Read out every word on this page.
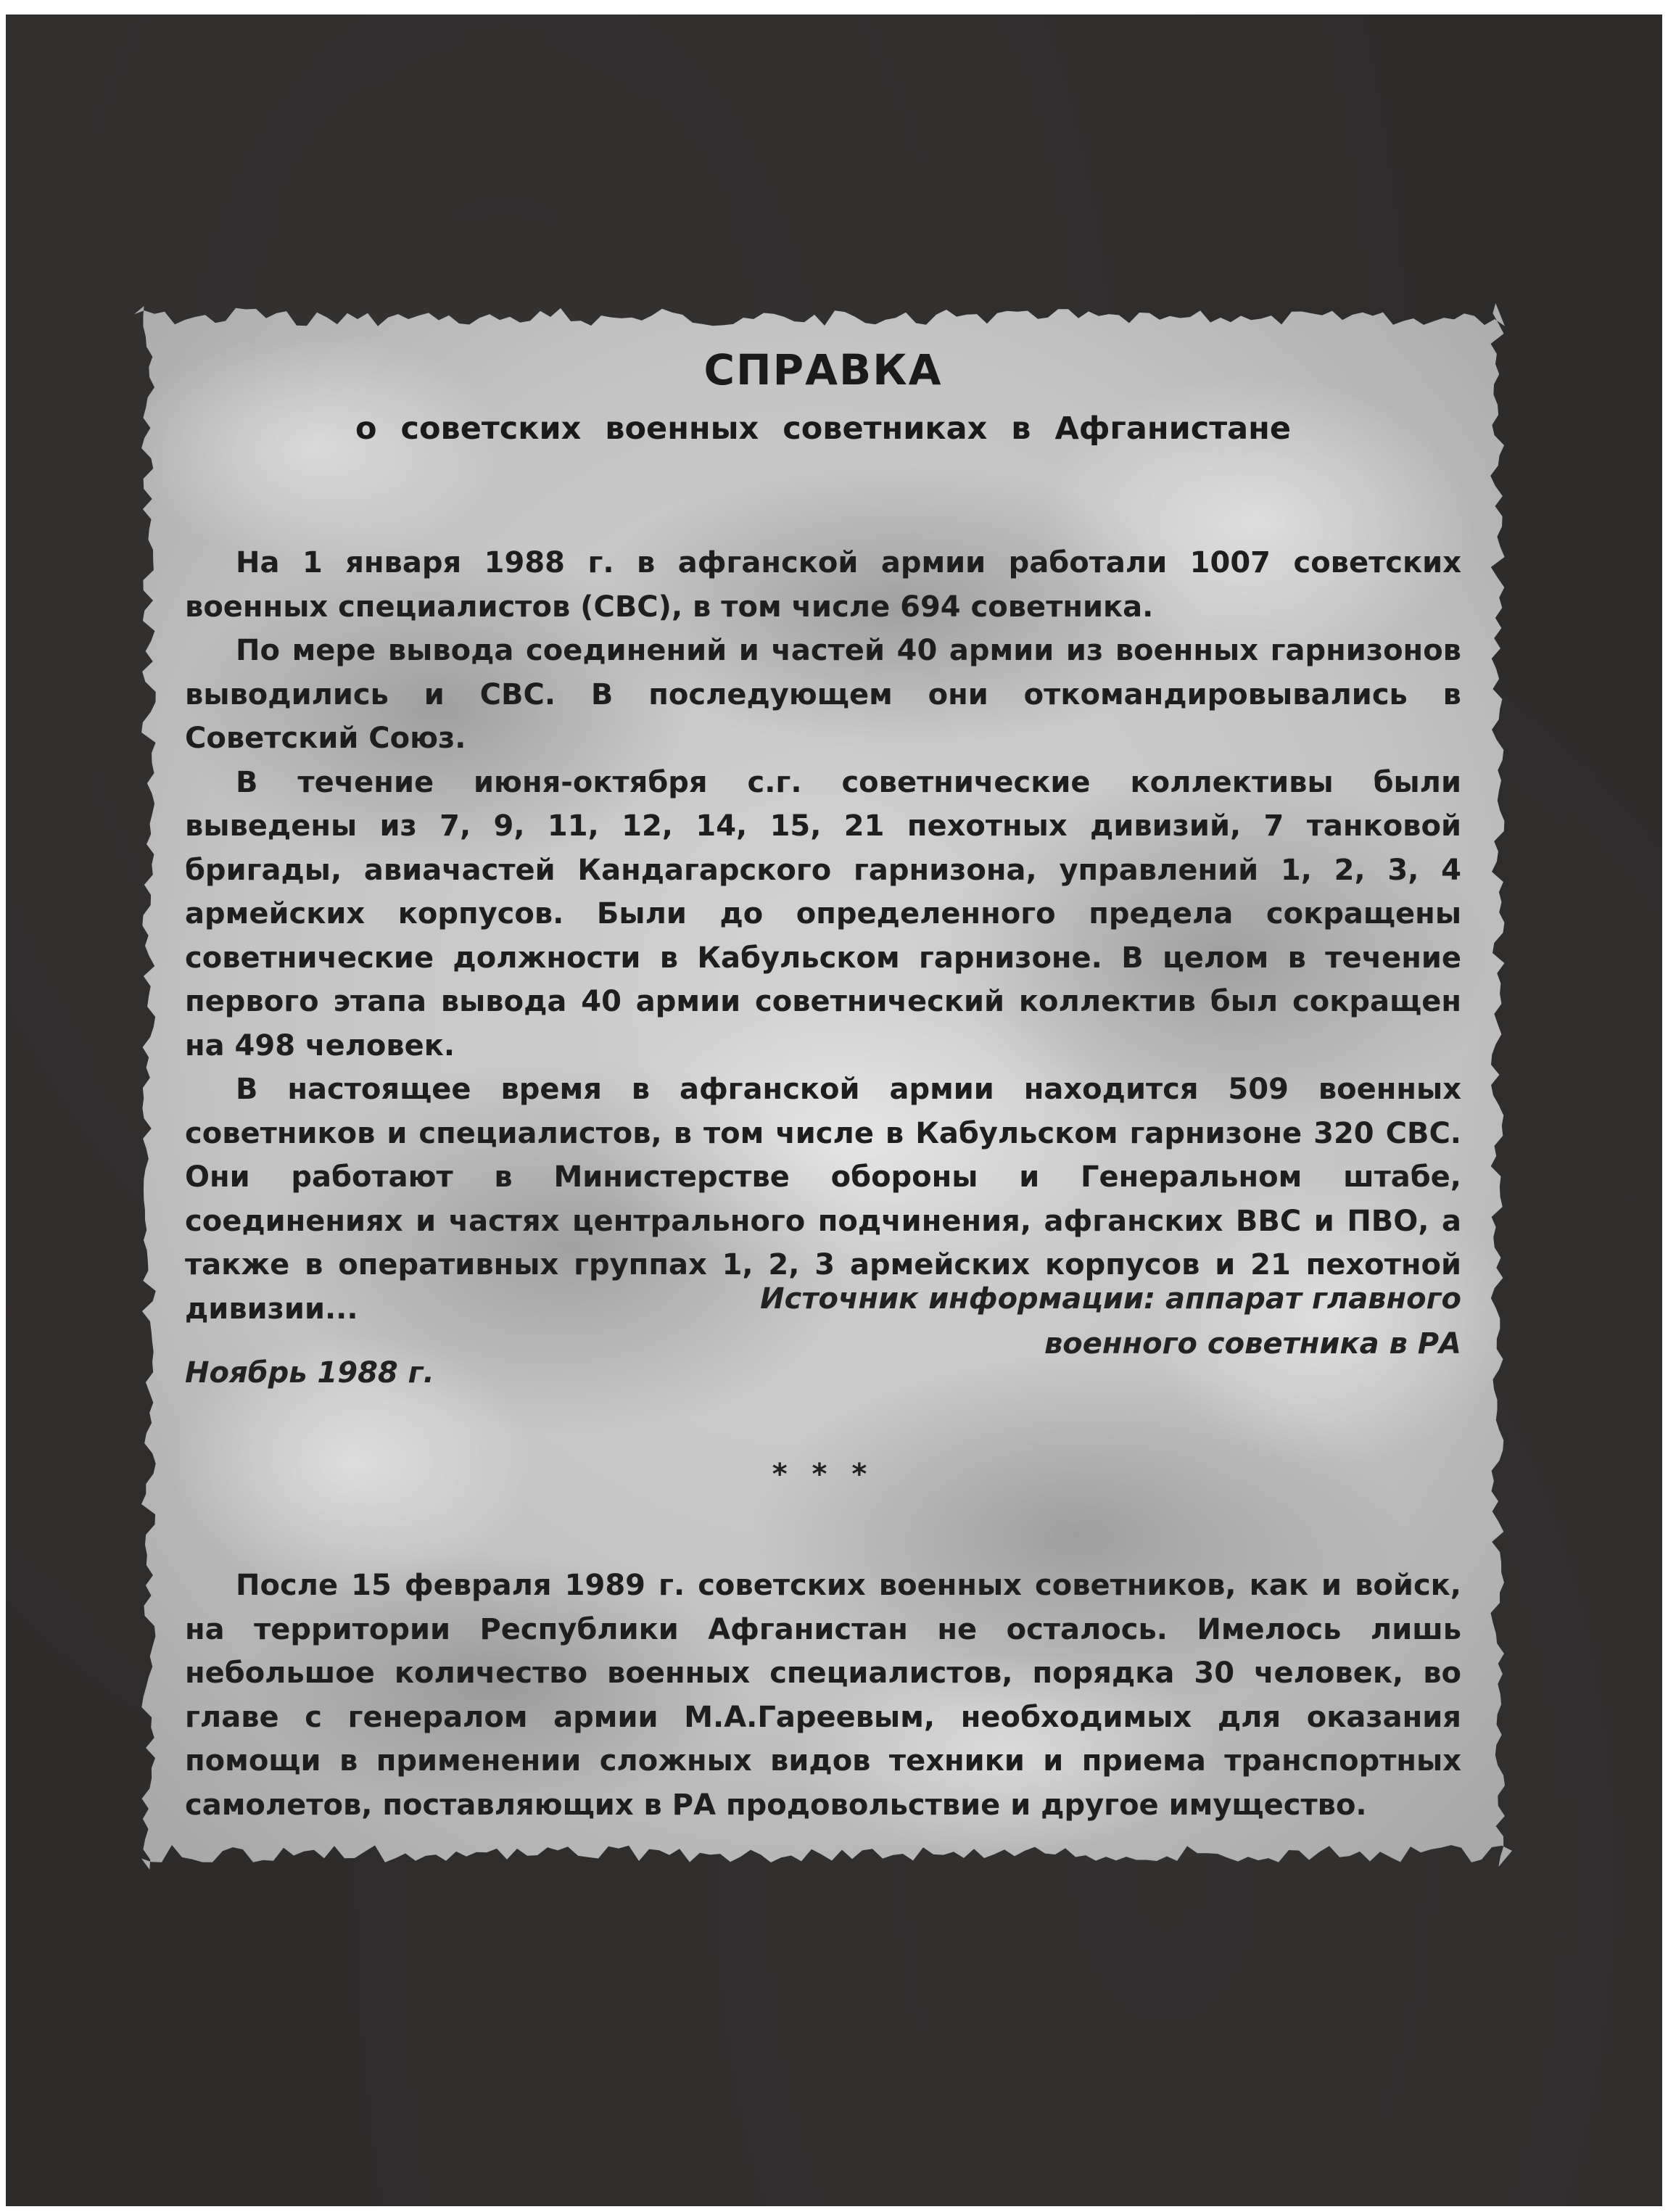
СПРАВКА
о советских военных советниках в Афганистане

На 1 января 1988 г. в афганской армии работали 1007 советских военных специалистов (СВС), в том числе 694 советника.

По мере вывода соединений и частей 40 армии из военных гарнизонов выводились и СВС. В последующем они откомандировывались в Советский Союз.

В течение июня-октября с.г. советнические коллективы были выведены из 7, 9, 11, 12, 14, 15, 21 пехотных дивизий, 7 танковой бригады, авиачастей Кандагарского гарнизона, управлений 1, 2, 3, 4 армейских корпусов. Были до определенного предела сокращены советнические должности в Кабульском гарнизоне. В целом в течение первого этапа вывода 40 армии советнический коллектив был сокращен на 498 человек.

В настоящее время в афганской армии находится 509 военных советников и специалистов, в том числе в Кабульском гарнизоне 320 СВС. Они работают в Министерстве обороны и Генеральном штабе, соединениях и частях центрального подчинения, афганских ВВС и ПВО, а также в оперативных группах 1, 2, 3 армейских корпусов и 21 пехотной дивизии...	Источник информации: аппарат главного
военного советника в РА
Ноябрь 1988 г.
* * *

После 15 февраля 1989 г. советских военных советников, как и войск, на территории Республики Афганистан не осталось. Имелось лишь небольшое количество военных специалистов, порядка 30 человек, во главе с генералом армии М.А.Гареевым, необходимых для оказания помощи в применении сложных видов техники и приема транспортных самолетов, поставляющих в РА продовольствие и другое имущество.
